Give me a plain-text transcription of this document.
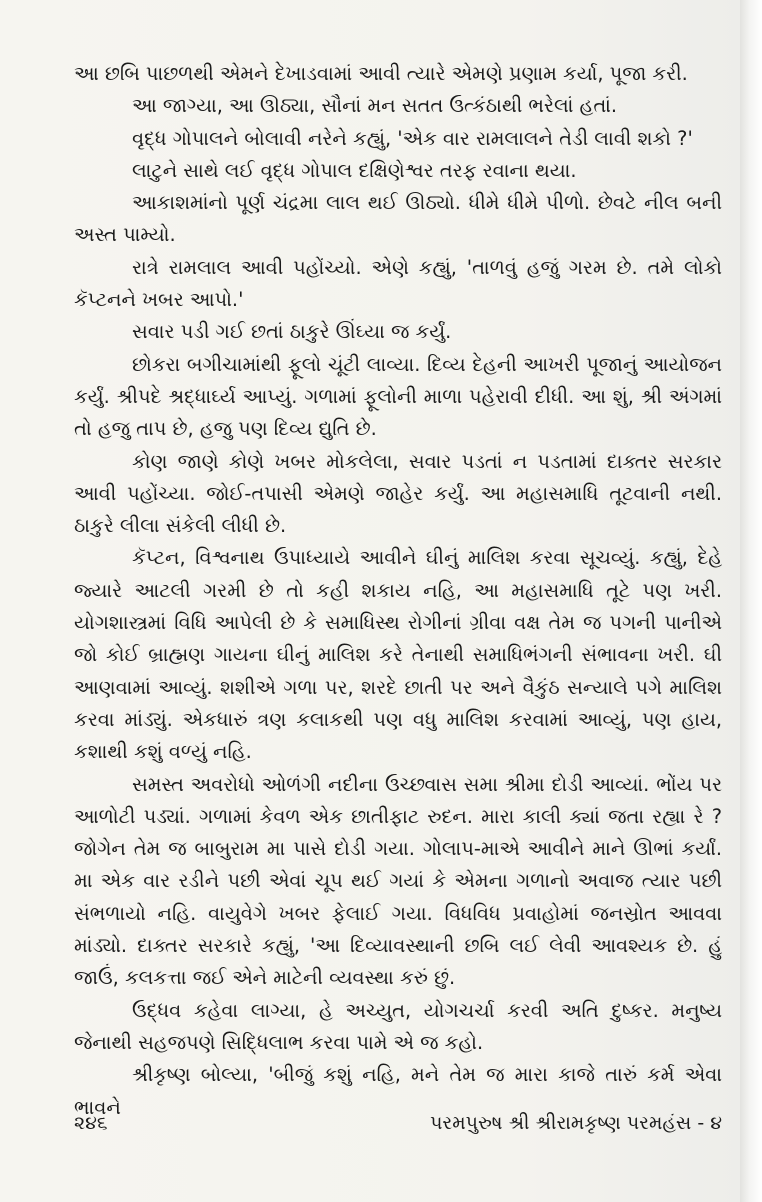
આ છબિ પાછળથી એમને દેખાડવામાં આવી ત્યારે એમણે પ્રણામ કર્યા, પૂજા કરી.

આ જાગ્યા, આ ઊઠ્યા, સૌનાં મન સતત ઉત્કંઠાથી ભરેલાં હતાં.

વૃદ્ધ ગોપાલને બોલાવી નરેને કહ્યું, 'એક વાર રામલાલને તેડી લાવી શકો ?'

લાટુને સાથે લઈ વૃદ્ધ ગોપાલ દક્ષિણેશ્વર તરફ રવાના થયા.

આકાશમાંનો પૂર્ણ ચંદ્રમા લાલ થઈ ઊઠ્યો. ધીમે ધીમે પીળો. છેવટે નીલ બની અસ્ત પામ્યો.

રાત્રે રામલાલ આવી પહોંચ્યો. એણે કહ્યું, 'તાળવું હજું ગરમ છે. તમે લોકો કૅપ્ટનને ખબર આપો.'

સવાર પડી ગઈ છતાં ઠાકુરે ઊંઘ્યા જ કર્યું.

છોકરા બગીચામાંથી ફૂલો ચૂંટી લાવ્યા. દિવ્ય દેહની આખરી પૂજાનું આયોજન કર્યું. શ્રીપદે શ્રદ્ધાર્ઘ્ય આપ્યું. ગળામાં ફૂલોની માળા પહેરાવી દીધી. આ શું, શ્રી અંગમાં તો હજુ તાપ છે, હજુ પણ દિવ્ય દ્યુતિ છે.

કોણ જાણે કોણે ખબર મોકલેલા, સવાર પડતાં ન પડતામાં દાક્તર સરકાર આવી પહોંચ્યા. જોઈ-તપાસી એમણે જાહેર કર્યું. આ મહાસમાધિ તૂટવાની નથી. ઠાકુરે લીલા સંકેલી લીધી છે.

કૅપ્ટન, વિશ્વનાથ ઉપાધ્યાયે આવીને ઘીનું માલિશ કરવા સૂચવ્યું. કહ્યું, દેહે જ્યારે આટલી ગરમી છે તો કહી શકાય નહિ, આ મહાસમાધિ તૂટે પણ ખરી. યોગશાસ્ત્રમાં વિધિ આપેલી છે કે સમાધિસ્થ રોગીનાં ગ્રીવા વક્ષ તેમ જ પગની પાનીએ જો કોઈ બ્રાહ્મણ ગાયના ઘીનું માલિશ કરે તેનાથી સમાધિભંગની સંભાવના ખરી. ઘી આણવામાં આવ્યું. શશીએ ગળા પર, શરદે છાતી પર અને વૈકુંઠ સન્યાલે પગે માલિશ કરવા માંડ્યું. એકધારું ત્રણ કલાકથી પણ વધુ માલિશ કરવામાં આવ્યું, પણ હાય, કશાથી કશું વળ્યું નહિ.

સમસ્ત અવરોધો ઓળંગી નદીના ઉચ્છ્વાસ સમા શ્રીમા દોડી આવ્યાં. ભોંય પર આળોટી પડ્યાં. ગળામાં કેવળ એક છાતીફાટ રુદન. મારા કાલી ક્યાં જતા રહ્યા રે ? જોગેન તેમ જ બાબુરામ મા પાસે દોડી ગયા. ગોલાપ-માએ આવીને માને ઊભાં કર્યાં. મા એક વાર રડીને પછી એવાં ચૂપ થઈ ગયાં કે એમના ગળાનો અવાજ ત્યાર પછી સંભળાયો નહિ. વાયુવેગે ખબર ફેલાઈ ગયા. વિધવિધ પ્રવાહોમાં જનસ્રોત આવવા માંડ્યો. દાક્તર સરકારે કહ્યું, 'આ દિવ્યાવસ્થાની છબિ લઈ લેવી આવશ્યક છે. હું જાઉં, કલકત્તા જઈ એને માટેની વ્યવસ્થા કરું છું.

ઉદ્ધવ કહેવા લાગ્યા, હે અચ્યુત, યોગચર્ચા કરવી અતિ દુષ્કર. મનુષ્ય જેનાથી સહજપણે સિદ્ધિલાભ કરવા પામે એ જ કહો.

શ્રીકૃષ્ણ બોલ્યા, 'બીજું કશું નહિ, મને તેમ જ મારા કાજે તારું કર્મ એવા ભાવને

૨૪૬	પરમપુરુષ શ્રી શ્રીરામકૃષ્ણ પરમહંસ - ૪
